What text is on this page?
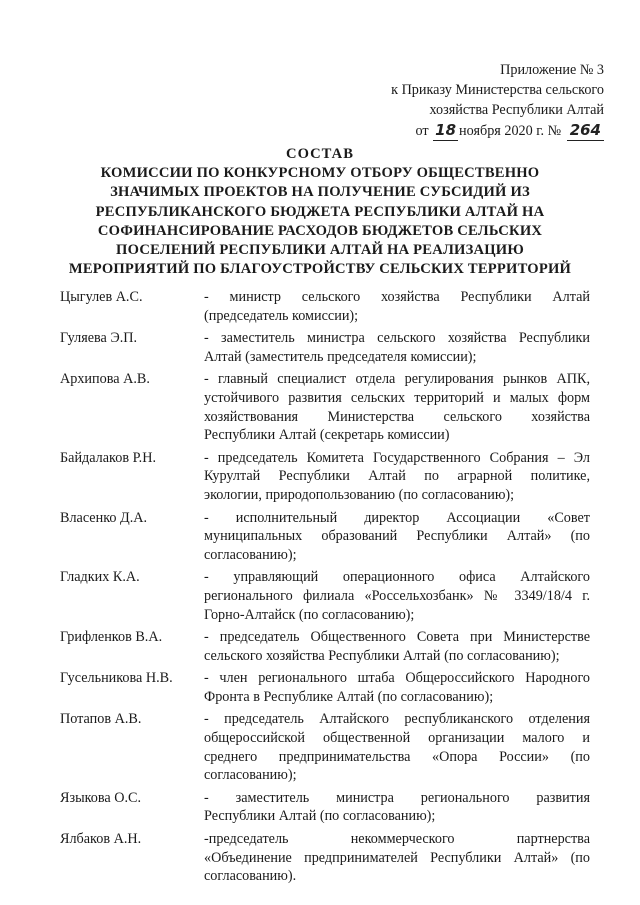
Приложение № 3
к Приказу Министерства сельского
хозяйства Республики Алтай
от 18 ноября 2020 г. № 264
СОСТАВ
КОМИССИИ ПО КОНКУРСНОМУ ОТБОРУ ОБЩЕСТВЕННО
ЗНАЧИМЫХ ПРОЕКТОВ НА ПОЛУЧЕНИЕ СУБСИДИЙ ИЗ
РЕСПУБЛИКАНСКОГО БЮДЖЕТА РЕСПУБЛИКИ АЛТАЙ НА
СОФИНАНСИРОВАНИЕ РАСХОДОВ БЮДЖЕТОВ СЕЛЬСКИХ
ПОСЕЛЕНИЙ РЕСПУБЛИКИ АЛТАЙ НА РЕАЛИЗАЦИЮ
МЕРОПРИЯТИЙ ПО БЛАГОУСТРОЙСТВУ СЕЛЬСКИХ ТЕРРИТОРИЙ
Цыгулев А.С.	- министр сельского хозяйства Республики Алтай
(председатель комиссии);
Гуляева Э.П.	- заместитель министра сельского хозяйства Республики
Алтай (заместитель председателя комиссии);
Архипова А.В.	- главный специалист отдела регулирования рынков АПК,
устойчивого развития сельских территорий и малых форм
хозяйствования Министерства сельского хозяйства
Республики Алтай (секретарь комиссии)
Байдалаков Р.Н.	- председатель Комитета Государственного Собрания – Эл
Курултай Республики Алтай по аграрной политике,
экологии, природопользованию (по согласованию);
Власенко Д.А.	- исполнительный директор Ассоциации «Совет
муниципальных образований Республики Алтай» (по
согласованию);
Гладких К.А.	- управляющий операционного офиса Алтайского
регионального филиала «Россельхозбанк» № 3349/18/4 г.
Горно-Алтайск (по согласованию);
Грифленков В.А.	- председатель Общественного Совета при Министерстве
сельского хозяйства Республики Алтай (по согласованию);
Гусельникова Н.В.	- член регионального штаба Общероссийского Народного
Фронта в Республике Алтай (по согласованию);
Потапов А.В.	- председатель Алтайского республиканского отделения
общероссийской общественной организации малого и
среднего предпринимательства «Опора России» (по
согласованию);
Языкова О.С.	- заместитель министра регионального развития
Республики Алтай (по согласованию);
Ялбаков А.Н.	-председатель некоммерческого партнерства
«Объединение предпринимателей Республики Алтай» (по
согласованию).
